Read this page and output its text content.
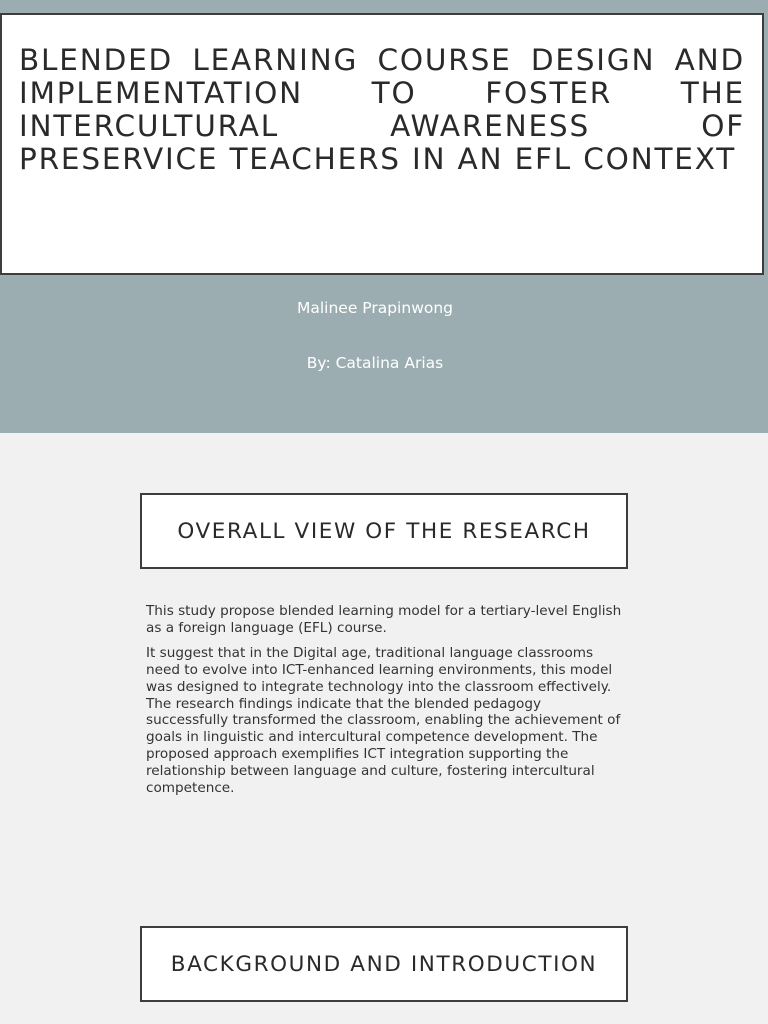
BLENDED LEARNING COURSE DESIGN AND IMPLEMENTATION TO FOSTER THE INTERCULTURAL AWARENESS OF PRESERVICE TEACHERS IN AN EFL CONTEXT

Malinee Prapinwong

By: Catalina Arias

OVERALL VIEW OF THE RESEARCH

This study propose blended learning model for a tertiary-level English as a foreign language (EFL) course.

It suggest that in the Digital age, traditional language classrooms need to evolve into ICT-enhanced learning environments, this model was designed to integrate technology into the classroom effectively. The research findings indicate that the blended pedagogy successfully transformed the classroom, enabling the achievement of goals in linguistic and intercultural competence development. The proposed approach exemplifies ICT integration supporting the relationship between language and culture, fostering intercultural competence.

BACKGROUND AND INTRODUCTION
